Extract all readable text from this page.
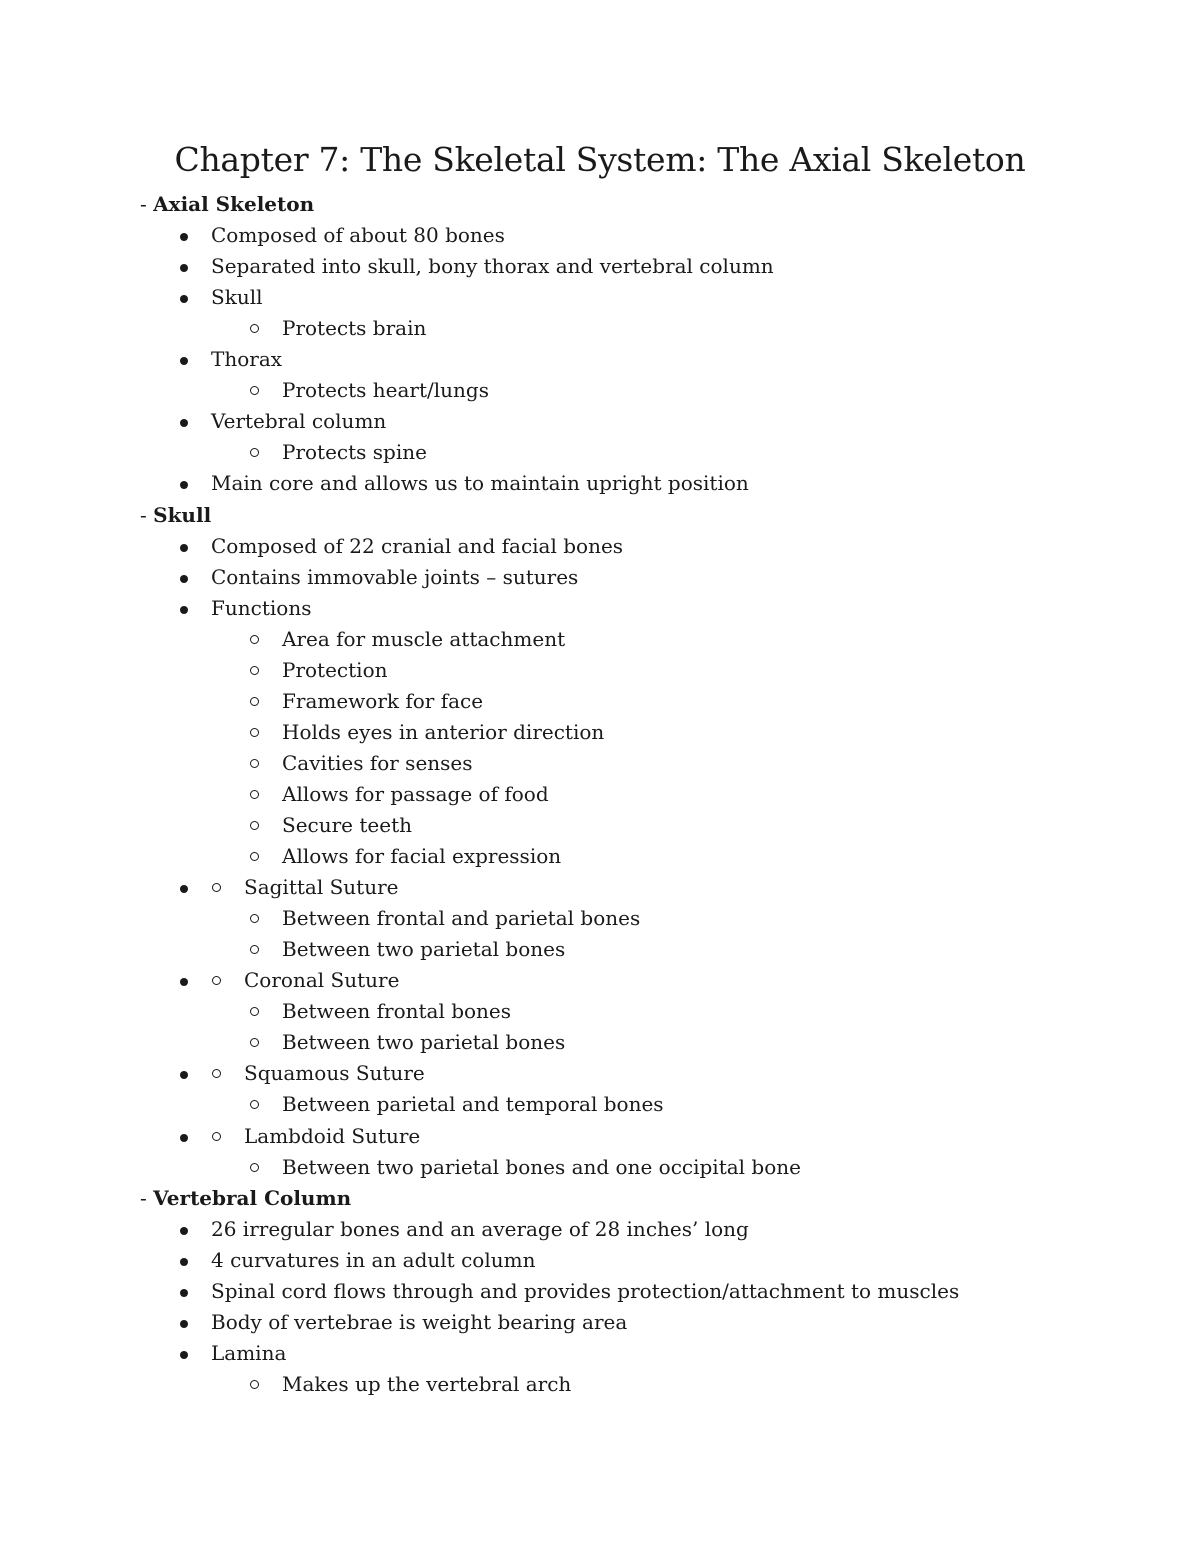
Chapter 7: The Skeletal System: The Axial Skeleton
- Axial Skeleton
Composed of about 80 bones
Separated into skull, bony thorax and vertebral column
Skull
Protects brain
Thorax
Protects heart/lungs
Vertebral column
Protects spine
Main core and allows us to maintain upright position
- Skull
Composed of 22 cranial and facial bones
Contains immovable joints – sutures
Functions
Area for muscle attachment
Protection
Framework for face
Holds eyes in anterior direction
Cavities for senses
Allows for passage of food
Secure teeth
Allows for facial expression
Sagittal Suture
Between frontal and parietal bones
Between two parietal bones
Coronal Suture
Between frontal bones
Between two parietal bones
Squamous Suture
Between parietal and temporal bones
Lambdoid Suture
Between two parietal bones and one occipital bone
- Vertebral Column
26 irregular bones and an average of 28 inches’ long
4 curvatures in an adult column
Spinal cord flows through and provides protection/attachment to muscles
Body of vertebrae is weight bearing area
Lamina
Makes up the vertebral arch
